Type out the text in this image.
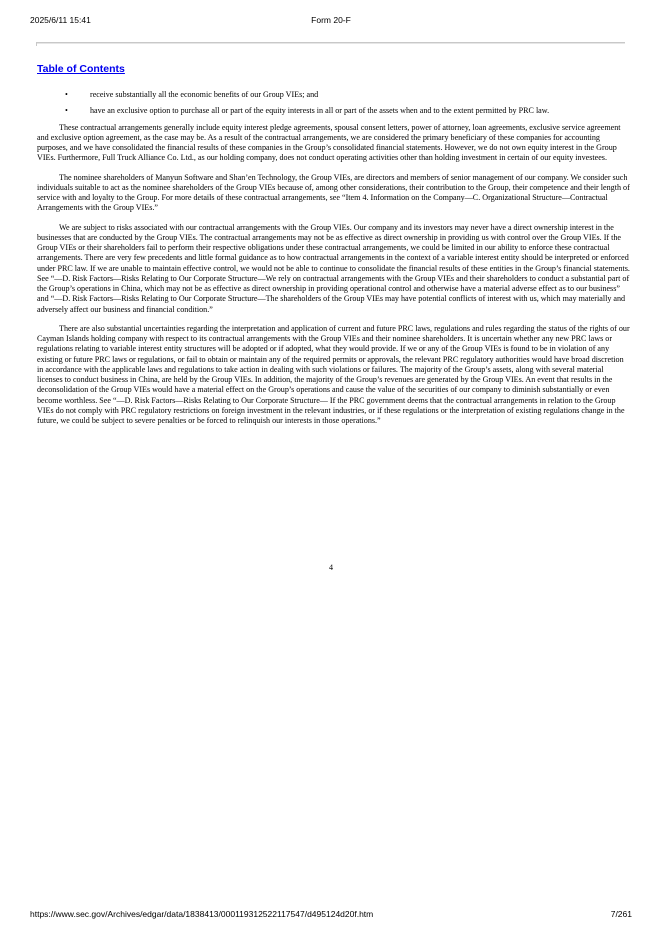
2025/6/11 15:41	Form 20-F
Table of Contents
•	receive substantially all the economic benefits of our Group VIEs; and
•	have an exclusive option to purchase all or part of the equity interests in all or part of the assets when and to the extent permitted by PRC law.

These contractual arrangements generally include equity interest pledge agreements, spousal consent letters, power of attorney, loan agreements, exclusive service agreement and exclusive option agreement, as the case may be. As a result of the contractual arrangements, we are considered the primary beneficiary of these companies for accounting purposes, and we have consolidated the financial results of these companies in the Group’s consolidated financial statements. However, we do not own equity interest in the Group VIEs. Furthermore, Full Truck Alliance Co. Ltd., as our holding company, does not conduct operating activities other than holding investment in certain of our equity investees.

The nominee shareholders of Manyun Software and Shan’en Technology, the Group VIEs, are directors and members of senior management of our company. We consider such individuals suitable to act as the nominee shareholders of the Group VIEs because of, among other considerations, their contribution to the Group, their competence and their length of service with and loyalty to the Group. For more details of these contractual arrangements, see “Item 4. Information on the Company—C. Organizational Structure—Contractual Arrangements with the Group VIEs.”

We are subject to risks associated with our contractual arrangements with the Group VIEs. Our company and its investors may never have a direct ownership interest in the businesses that are conducted by the Group VIEs. The contractual arrangements may not be as effective as direct ownership in providing us with control over the Group VIEs. If the Group VIEs or their shareholders fail to perform their respective obligations under these contractual arrangements, we could be limited in our ability to enforce these contractual arrangements. There are very few precedents and little formal guidance as to how contractual arrangements in the context of a variable interest entity should be interpreted or enforced under PRC law. If we are unable to maintain effective control, we would not be able to continue to consolidate the financial results of these entities in the Group’s financial statements. See “—D. Risk Factors—Risks Relating to Our Corporate Structure—We rely on contractual arrangements with the Group VIEs and their shareholders to conduct a substantial part of the Group’s operations in China, which may not be as effective as direct ownership in providing operational control and otherwise have a material adverse effect as to our business” and “—D. Risk Factors—Risks Relating to Our Corporate Structure—The shareholders of the Group VIEs may have potential conflicts of interest with us, which may materially and adversely affect our business and financial condition.”

There are also substantial uncertainties regarding the interpretation and application of current and future PRC laws, regulations and rules regarding the status of the rights of our Cayman Islands holding company with respect to its contractual arrangements with the Group VIEs and their nominee shareholders. It is uncertain whether any new PRC laws or regulations relating to variable interest entity structures will be adopted or if adopted, what they would provide. If we or any of the Group VIEs is found to be in violation of any existing or future PRC laws or regulations, or fail to obtain or maintain any of the required permits or approvals, the relevant PRC regulatory authorities would have broad discretion in accordance with the applicable laws and regulations to take action in dealing with such violations or failures. The majority of the Group’s assets, along with several material licenses to conduct business in China, are held by the Group VIEs. In addition, the majority of the Group’s revenues are generated by the Group VIEs. An event that results in the deconsolidation of the Group VIEs would have a material effect on the Group’s operations and cause the value of the securities of our company to diminish substantially or even become worthless. See “—D. Risk Factors—Risks Relating to Our Corporate Structure— If the PRC government deems that the contractual arrangements in relation to the Group VIEs do not comply with PRC regulatory restrictions on foreign investment in the relevant industries, or if these regulations or the interpretation of existing regulations change in the future, we could be subject to severe penalties or be forced to relinquish our interests in those operations.”

4
https://www.sec.gov/Archives/edgar/data/1838413/000119312522117547/d495124d20f.htm	7/261
